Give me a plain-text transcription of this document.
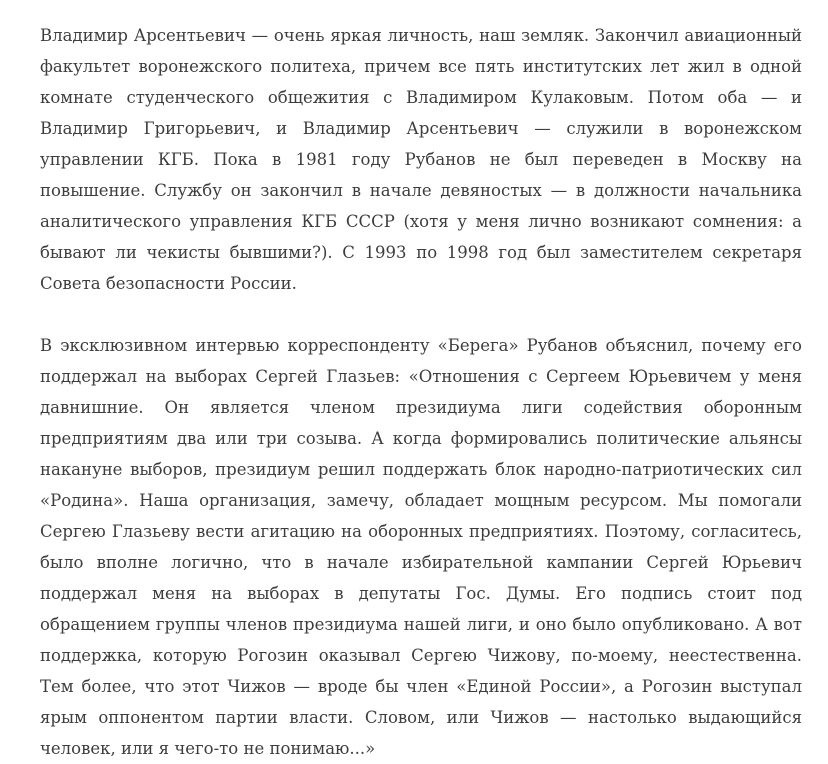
Владимир Арсентьевич — очень яркая личность, наш земляк. Закончил авиационный факультет воронежского политеха, причем все пять институтских лет жил в одной комнате студенческого общежития с Владимиром Кулаковым. Потом оба — и Владимир Григорьевич, и Владимир Арсентьевич — служили в воронежском управлении КГБ. Пока в 1981 году Рубанов не был переведен в Москву на повышение. Службу он закончил в начале девяностых — в должности начальника аналитического управления КГБ СССР (хотя у меня лично возникают сомнения: а бывают ли чекисты бывшими?). С 1993 по 1998 год был заместителем секретаря Совета безопасности России.

В эксклюзивном интервью корреспонденту «Берега» Рубанов объяснил, почему его поддержал на выборах Сергей Глазьев: «Отношения с Сергеем Юрьевичем у меня давнишние. Он является членом президиума лиги содействия оборонным предприятиям два или три созыва. А когда формировались политические альянсы накануне выборов, президиум решил поддержать блок народно-патриотических сил «Родина». Наша организация, замечу, обладает мощным ресурсом. Мы помогали Сергею Глазьеву вести агитацию на оборонных предприятиях. Поэтому, согласитесь, было вполне логично, что в начале избирательной кампании Сергей Юрьевич поддержал меня на выборах в депутаты Гос. Думы. Его подпись стоит под обращением группы членов президиума нашей лиги, и оно было опубликовано. А вот поддержка, которую Рогозин оказывал Сергею Чижову, по-моему, неестественна. Тем более, что этот Чижов — вроде бы член «Единой России», а Рогозин выступал ярым оппонентом партии власти. Словом, или Чижов — настолько выдающийся человек, или я чего-то не понимаю...»
